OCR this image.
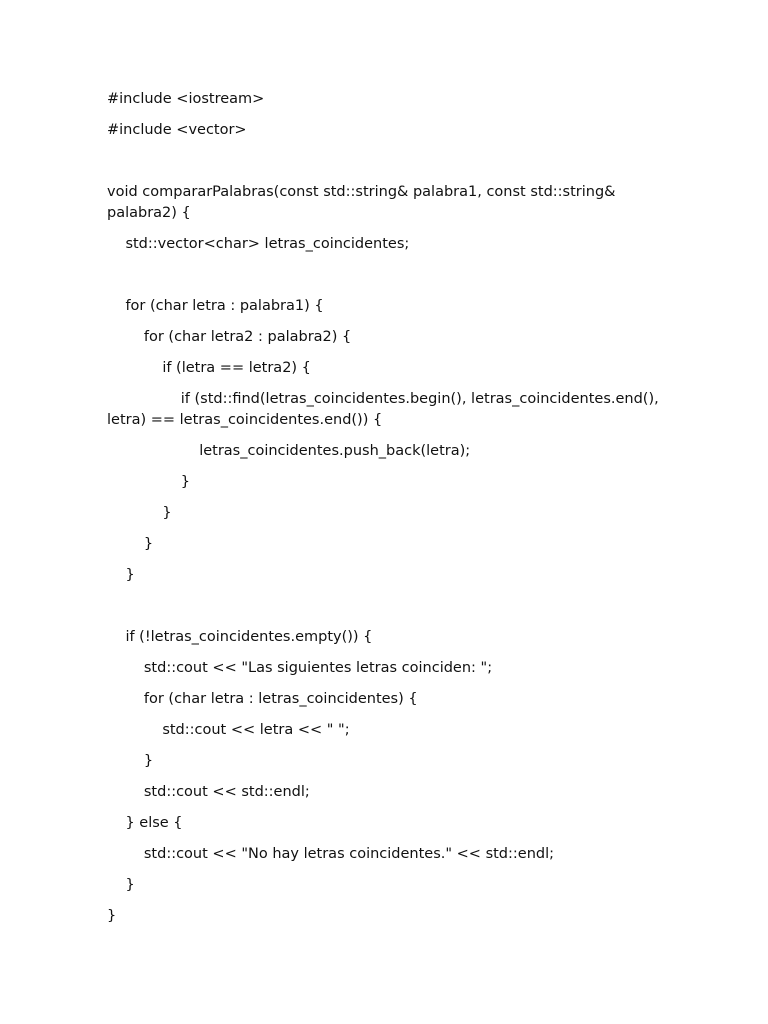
#include <iostream>
#include <vector>
void compararPalabras(const std::string& palabra1, const std::string& palabra2) {
std::vector<char> letras_coincidentes;
for (char letra : palabra1) {
for (char letra2 : palabra2) {
if (letra == letra2) {
if (std::find(letras_coincidentes.begin(), letras_coincidentes.end(), letra) == letras_coincidentes.end()) {
letras_coincidentes.push_back(letra);
}
}
}
}
if (!letras_coincidentes.empty()) {
std::cout << "Las siguientes letras coinciden: ";
for (char letra : letras_coincidentes) {
std::cout << letra << " ";
}
std::cout << std::endl;
} else {
std::cout << "No hay letras coincidentes." << std::endl;
}
}
